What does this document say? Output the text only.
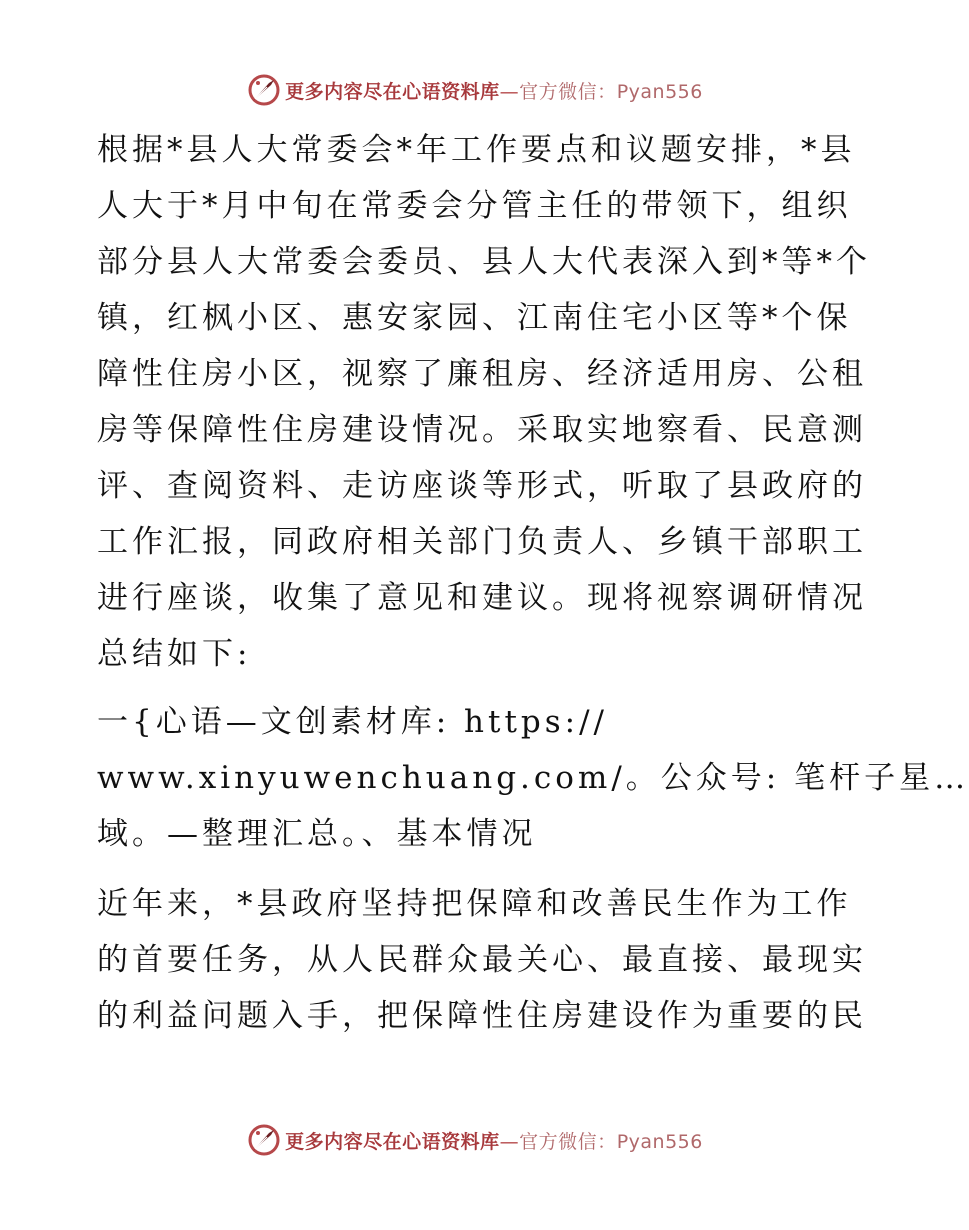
更多内容尽在心语资料库—官方微信：Pyan556
根据*县人大常委会*年工作要点和议题安排，*县
人大于*月中旬在常委会分管主任的带领下，组织
部分县人大常委会委员、县人大代表深入到*等*个
镇，红枫小区、惠安家园、江南住宅小区等*个保
障性住房小区，视察了廉租房、经济适用房、公租
房等保障性住房建设情况。采取实地察看、民意测
评、查阅资料、走访座谈等形式，听取了县政府的
工作汇报，同政府相关部门负责人、乡镇干部职工
进行座谈，收集了意见和建议。现将视察调研情况
总结如下:
一{心语—文创素材库: https://
www.xinyuwenchuang.com/。公众号: 笔杆子星…
域。—整理汇总。、基本情况
近年来，*县政府坚持把保障和改善民生作为工作
的首要任务，从人民群众最关心、最直接、最现实
的利益问题入手，把保障性住房建设作为重要的民
更多内容尽在心语资料库—官方微信：Pyan556
